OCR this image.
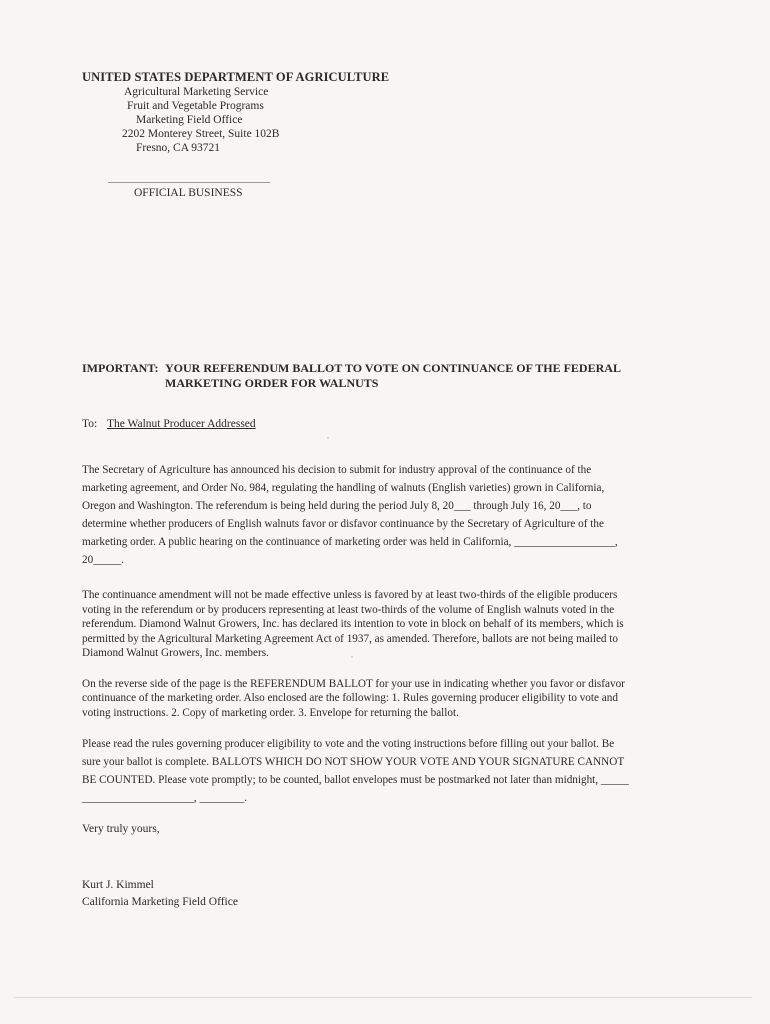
UNITED STATES DEPARTMENT OF AGRICULTURE
Agricultural Marketing Service
Fruit and Vegetable Programs
Marketing Field Office
2202 Monterey Street, Suite 102B
Fresno, CA 93721
OFFICIAL BUSINESS
IMPORTANT: YOUR REFERENDUM BALLOT TO VOTE ON CONTINUANCE OF THE FEDERAL
MARKETING ORDER FOR WALNUTS
To: The Walnut Producer Addressed
The Secretary of Agriculture has announced his decision to submit for industry approval of the continuance of the
marketing agreement, and Order No. 984, regulating the handling of walnuts (English varieties) grown in California,
Oregon and Washington. The referendum is being held during the period July 8, 20___ through July 16, 20___, to
determine whether producers of English walnuts favor or disfavor continuance by the Secretary of Agriculture of the
marketing order. A public hearing on the continuance of marketing order was held in California, __________________,
20_____.
The continuance amendment will not be made effective unless is favored by at least two-thirds of the eligible producers
voting in the referendum or by producers representing at least two-thirds of the volume of English walnuts voted in the
referendum. Diamond Walnut Growers, Inc. has declared its intention to vote in block on behalf of its members, which is
permitted by the Agricultural Marketing Agreement Act of 1937, as amended. Therefore, ballots are not being mailed to
Diamond Walnut Growers, Inc. members.
On the reverse side of the page is the REFERENDUM BALLOT for your use in indicating whether you favor or disfavor
continuance of the marketing order. Also enclosed are the following: 1. Rules governing producer eligibility to vote and
voting instructions. 2. Copy of marketing order. 3. Envelope for returning the ballot.
Please read the rules governing producer eligibility to vote and the voting instructions before filling out your ballot. Be
sure your ballot is complete. BALLOTS WHICH DO NOT SHOW YOUR VOTE AND YOUR SIGNATURE CANNOT
BE COUNTED. Please vote promptly; to be counted, ballot envelopes must be postmarked not later than midnight, _____
____________________, ________.
Very truly yours,
Kurt J. Kimmel
California Marketing Field Office
